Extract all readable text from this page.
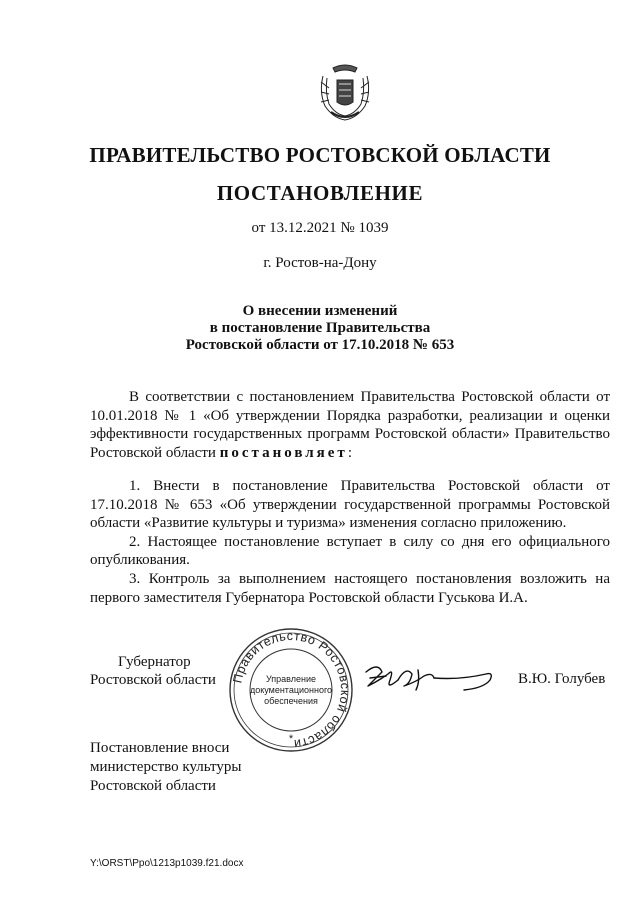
ПРАВИТЕЛЬСТВО РОСТОВСКОЙ ОБЛАСТИ
ПОСТАНОВЛЕНИЕ
от 13.12.2021 № 1039
г. Ростов-на-Дону
О внесении изменений
в постановление Правительства
Ростовской области от 17.10.2018 № 653

В соответствии с постановлением Правительства Ростовской области от 10.01.2018 № 1 «Об утверждении Порядка разработки, реализации и оценки эффективности государственных программ Ростовской области» Правительство Ростовской области постановляет:

1. Внести в постановление Правительства Ростовской области от 17.10.2018 № 653 «Об утверждении государственной программы Ростовской области «Развитие культуры и туризма» изменения согласно приложению.

2. Настоящее постановление вступает в силу со дня его официального опубликования.

3. Контроль за выполнением настоящего постановления возложить на первого заместителя Губернатора Ростовской области Гуськова И.А.

Губернатор
Ростовской области Правительство Ростовской области
Управление
документационного
обеспечения
*
В.Ю. Голубев
Постановление вноси
министерство культуры
Ростовской области
Y:\ORST\Ppo\1213p1039.f21.docx
